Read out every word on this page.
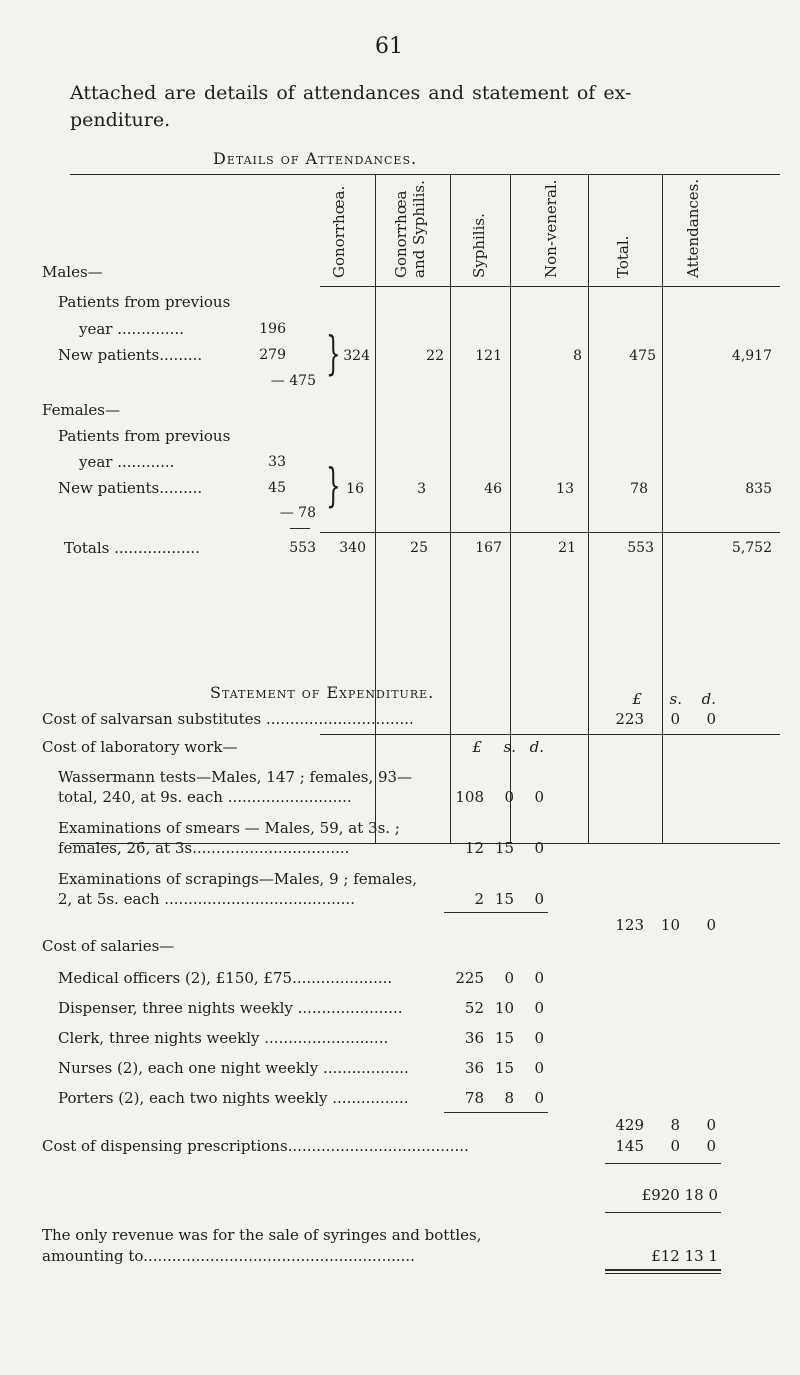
61
Attached are details of attendances and statement of ex-penditure.
Details of Attendances.
Gonorrhœa.	Gonorrhœa and Syphilis.	Syphilis.	Non-veneral.	Total.	Attendances.
Males—
Patients from previous
year ..............	196
New patients.........	279
— 475
} 324	22	121	8	475	4,917
Females—
Patients from previous
year ............	33
New patients.........	45
— 78
} 16	3	46	13	78	835
Totals ..................	553	340	25	167	21	553	5,752
Statement of Expenditure.	£	s.	d.
Cost of salvarsan substitutes ...............................	223	0	0
Cost of laboratory work—	£	s. d.
Wassermann tests—Males, 147 ; females, 93—
total, 240, at 9s. each ..........................	108	0	0
Examinations of smears — Males, 59, at 3s. ;
females, 26, at 3s.................................	12 15	0
Examinations of scrapings—Males, 9 ; females,
2, at 5s. each ........................................	2 15	0
123	10	0
Cost of salaries—
Medical officers (2), £150, £75.....................	225	0	0
Dispenser, three nights weekly ......................	52 10	0
Clerk, three nights weekly ..........................	36 15	0
Nurses (2), each one night weekly ..................	36 15	0
Porters (2), each two nights weekly ................	78	8	0
429	8	0
Cost of dispensing prescriptions......................................	145	0	0
£920 18 0
The only revenue was for the sale of syringes and bottles,
amounting to.........................................................	£12 13 1
